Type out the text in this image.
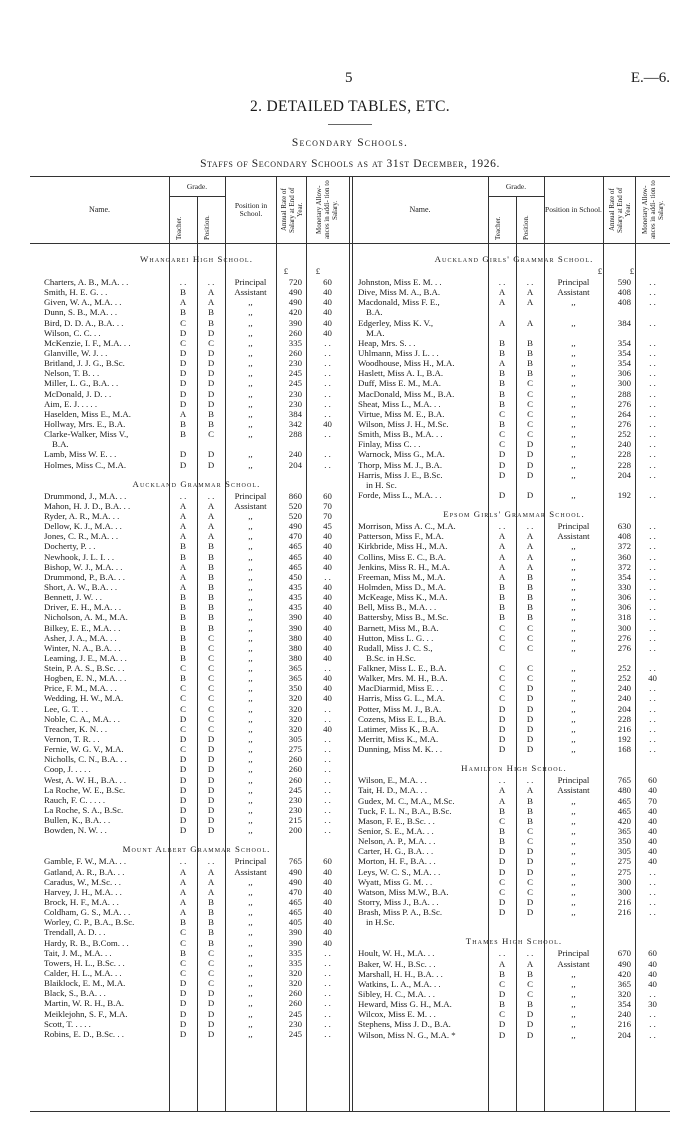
5	E.—6.
2. DETAILED TABLES, ETC.
Secondary Schools.
Staffs of Secondary Schools as at 31st December, 1926.
Name.
Grade.
Teacher.	Position.
Position in School.	Annual Rate of Salary at End of Year.	Monetary Allow- ances in addi- tion to Salary.	Name.
Grade.
Teacher.	Position.
Position in School. Annual Rate of Salary at End of Year.	Monetary Allow- ances in addi- tion to Salary.
Whangarei High School.
£	£
Charters, A. B., M.A. . .	. .	. .	Principal	720	60
Smith, H. E. G. . .	B	A	Assistant	490	40
Given, W. A., M.A. . .	A	A	,,	490	40
Dunn, S. B., M.A. . .	B	B	,,	420	40
Bird, D. D. A., B.A. . .	C	B	,,	390	40
Wilson, C. C. . .	D	D	,,	260	40
McKenzie, I. F., M.A. . .	C	C	,,	335	. .
Glanville, W. J. . .	D	D	,,	260	. .
Britland, J. J. G., B.Sc.	D	D	,,	230	. .
Nelson, T. B. . .	D	D	,,	245	. .
Miller, L. G., B.A. . .	D	D	,,	245	. .
McDonald, J. D. . .	D	D	,,	230	. .
Aim, E. J. . . . .	D	D	,,	230	. .
Haselden, Miss E., M.A.	A	B	,,	384	. .
Hollway, Mrs. E., B.A.	B	B	,,	342	40
Clarke-Walker, Miss V.,	B	C	,,	288	. .
B.A.
Lamb, Miss W. E. . .	D	D	,,	240	. .
Holmes, Miss C., M.A.	D	D	,,	204	. .
Auckland Grammar School.
Drummond, J., M.A. . .	. .	. .	Principal	860	60
Mahon, H. J. D., B.A. . .	A	A	Assistant	520	70
Ryder, A. R., M.A. . .	A	A	,,	520	70
Dellow, K. J., M.A. . .	A	A	,,	490	45
Jones, C. R., M.A. . .	A	A	,,	470	40
Docherty, P. . .	B	B	,,	465	40
Newhook, J. L. I. . .	B	B	,,	465	40
Bishop, W. J., M.A. . .	A	B	,,	465	40
Drummond, P., B.A. . .	A	B	,,	450	. .
Short, A. W., B.A. . .	A	B	,,	435	40
Bennett, J. W. . .	B	B	,,	435	40
Driver, E. H., M.A. . .	B	B	,,	435	40
Nicholson, A. M., M.A.	B	B	,,	390	40
Bilkey, E. E., M.A. . .	B	B	,,	390	40
Asher, J. A., M.A. . .	B	C	,,	380	40
Winter, N. A., B.A. . .	B	C	,,	380	40
Leaming, J. E., M.A. . .	B	C	,,	380	40
Stein, P. A. S., B.Sc. . .	C	C	,,	365	. .
Hogben, E. N., M.A. . .	B	C	,,	365	40
Price, F. M., M.A. . .	C	C	,,	350	40
Wedding, H. W., M.A.	C	C	,,	320	40
Lee, G. T. . .	C	C	,,	320	. .
Noble, C. A., M.A. . .	D	C	,,	320	. .
Treacher, K. N. . .	C	C	,,	320	40
Vernon, T. R. . .	D	D	,,	305	. .
Fernie, W. G. V., M.A.	C	D	,,	275	. .
Nicholls, C. N., B.A. . .	D	D	,,	260	. .
Coop, J. . . . .	D	D	,,	260	. .
West, A. W. H., B.A. . .	D	D	,,	260	. .
La Roche, W. E., B.Sc.	D	D	,,	245	. .
Rauch, F. C. . . . .	D	D	,,	230	. .
La Roche, S. A., B.Sc.	D	D	,,	230	. .
Bullen, K., B.A. . .	D	D	,,	215	. .
Bowden, N. W. . .	D	D	,,	200	. .
Mount Albert Grammar School.
Gamble, F. W., M.A. . .	. .	. .	Principal	765	60
Gatland, A. R., B.A. . .	A	A	Assistant	490	40
Caradus, W., M.Sc. . .	A	A	,,	490	40
Harvey, J. H., M.A. . .	A	A	,,	470	40
Brock, H. F., M.A. . .	A	B	,,	465	40
Coldham, G. S., M.A. . .	A	B	,,	465	40
Worley, C. P., B.A., B.Sc.	B	B	,,	405	40
Trendall, A. D. . .	C	B	,,	390	40
Hardy, R. B., B.Com. . .	C	B	,,	390	40
Tait, J. M., M.A. . .	B	C	,,	335	. .
Towers, H. L., B.Sc. . .	C	C	,,	335	. .
Calder, H. L., M.A. . .	C	C	,,	320	. .
Blaiklock, E. M., M.A.	D	C	,,	320	. .
Black, S., B.A. . .	D	D	,,	260	. .
Martin, W. R. H., B.A.	D	D	,,	260	. .
Meiklejohn, S. F., M.A.	D	D	,,	245	. .
Scott, T. . . . .	D	D	,,	230	. .
Robins, E. D., B.Sc. . .	D	D	,,	245	. .
Auckland Girls' Grammar School.
£	£
Johnston, Miss E. M. . .	. .	. .	Principal	590	. .
Dive, Miss M. A., B.A.	A	A	Assistant	408	. .
Macdonald, Miss F. E.,	A	A	,,	408	. .
B.A.
Edgerley, Miss K. V.,	A	A	,,	384	. .
M.A.
Heap, Mrs. S. . .	B	B	,,	354	. .
Uhlmann, Miss J. L. . .	B	B	,,	354	. .
Woodhouse, Miss H., M.A.	A	B	,,	354	. .
Haslett, Miss A. I., B.A.	B	B	,,	306	. .
Duff, Miss E. M., M.A.	B	C	,,	300	. .
MacDonald, Miss M., B.A.	B	C	,,	288	. .
Sheat, Miss L., M.A. . .	B	C	,,	276	. .
Virtue, Miss M. E., B.A.	C	C	,,	264	. .
Wilson, Miss J. H., M.Sc.	B	C	,,	276	. .
Smith, Miss B., M.A. . .	C	C	,,	252	. .
Finlay, Miss C. . .	C	D	,,	240	. .
Warnock, Miss G., M.A.	D	D	,,	228	. .
Thorp, Miss M. J., B.A.	D	D	,,	228	. .
Harris, Miss J. E., B.Sc.	D	D	,,	204	. .
in H. Sc.
Forde, Miss L., M.A. . .	D	D	,,	192	. .
Epsom Girls' Grammar School.
Morrison, Miss A. C., M.A.	. .	. .	Principal	630	. .
Patterson, Miss F., M.A.	A	A	Assistant	408	. .
Kirkbride, Miss H., M.A.	A	A	,,	372	. .
Collins, Miss E. C., B.A.	A	A	,,	360	. .
Jenkins, Miss R. H., M.A.	A	A	,,	372	. .
Freeman, Miss M., M.A.	A	B	,,	354	. .
Holmden, Miss D., M.A.	B	B	,,	330	. .
McKeage, Miss K., M.A.	B	B	,,	306	. .
Bell, Miss B., M.A. . .	B	B	,,	306	. .
Battersby, Miss B., M.Sc.	B	B	,,	318	. .
Barnett, Miss M., B.A.	C	C	,,	300	. .
Hutton, Miss L. G. . .	C	C	,,	276	. .
Rudall, Miss J. C. S.,	C	C	,,	276	. .
B.Sc. in H.Sc.
Falkner, Miss L. E., B.A.	C	C	,,	252	. .
Walker, Mrs. M. H., B.A.	C	C	,,	252	40
MacDiarmid, Miss E. . .	C	D	,,	240	. .
Harris, Miss G. L., M.A.	C	D	,,	240	. .
Potter, Miss M. J., B.A.	D	D	,,	204	. .
Cozens, Miss E. L., B.A.	D	D	,,	228	. .
Latimer, Miss K., B.A.	D	D	,,	216	. .
Merritt, Miss K., M.A.	D	D	,,	192	. .
Dunning, Miss M. K. . .	D	D	,,	168	. .
Hamilton High School.
Wilson, E., M.A. . .	. .	. .	Principal	765	60
Tait, H. D., M.A. . .	A	A	Assistant	480	40
Gudex, M. C., M.A., M.Sc.	A	B	,,	465	70
Tuck, F. L. N., B.A., B.Sc.	B	B	,,	465	40
Mason, F. E., B.Sc. . .	C	B	,,	420	40
Senior, S. E., M.A. . .	B	C	,,	365	40
Nelson, A. P., M.A. . .	B	C	,,	350	40
Carter, H. G., B.A. . .	D	D	,,	305	40
Morton, H. F., B.A. . .	D	D	,,	275	40
Leys, W. C. S., M.A. . .	D	D	,,	275	. .
Wyatt, Miss G. M. . .	C	C	,,	300	. .
Watson, Miss M.W., B.A.	C	C	,,	300	. .
Storry, Miss J., B.A. . .	D	D	,,	216	. .
Brash, Miss P. A., B.Sc.	D	D	,,	216	. .
in H.Sc.
Thames High School.
Hoult, W. H., M.A. . .	. .	. .	Principal	670	60
Baker, W. H., B.Sc. . .	A	A	Assistant	490	40
Marshall, H. H., B.A. . .	B	B	,,	420	40
Watkins, L. A., M.A. . .	C	C	,,	365	40
Sibley, H. C., M.A. . .	D	C	,,	320	. .
Heward, Miss G. H., M.A.	B	B	,,	354	30
Wilcox, Miss E. M. . .	C	D	,,	240	. .
Stephens, Miss J. D., B.A.	D	D	,,	216	. .
Wilson, Miss N. G., M.A. *	D	D	,,	204	. .
